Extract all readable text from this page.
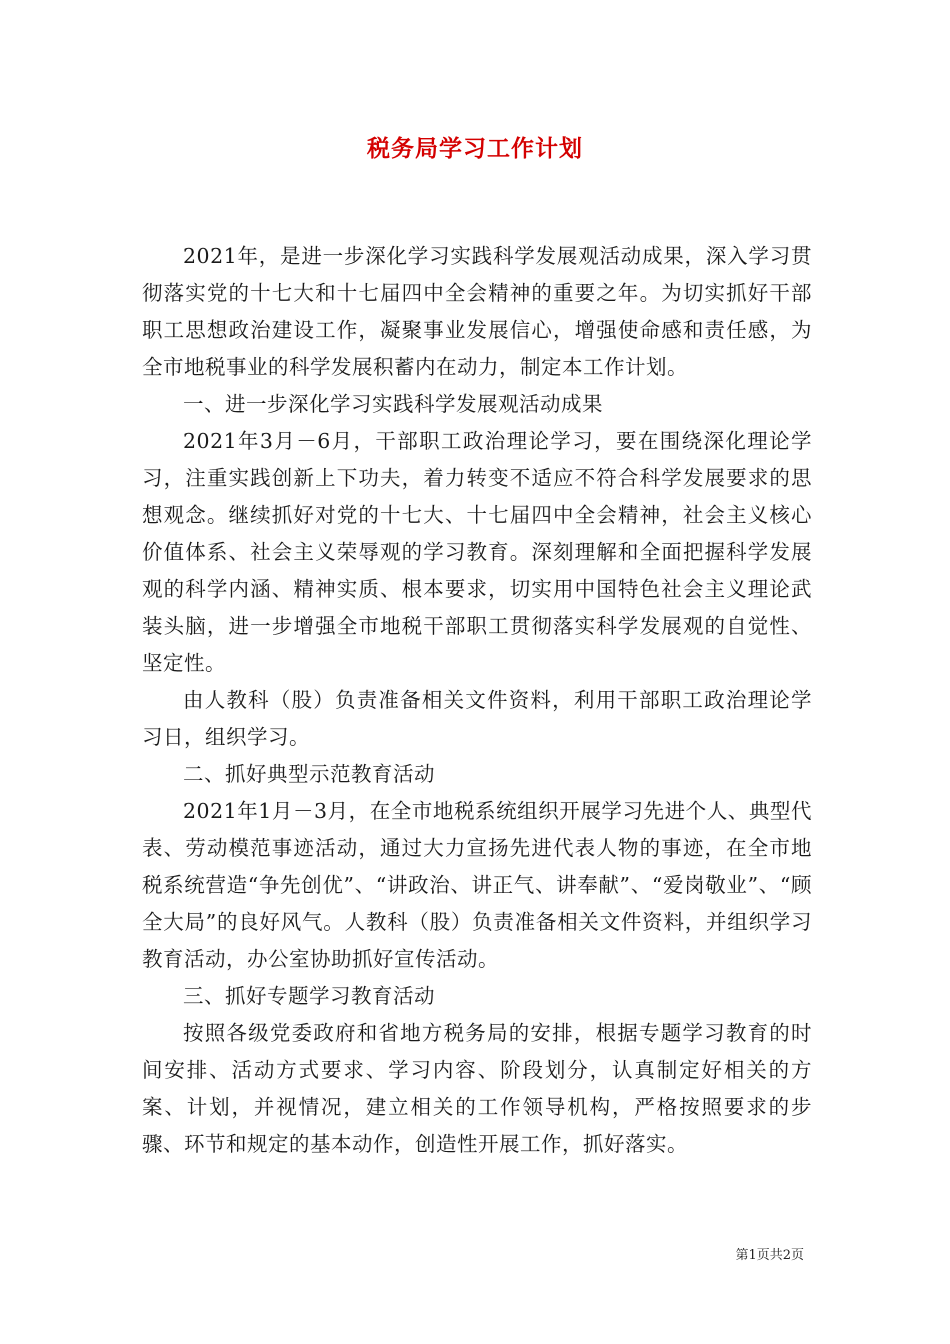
税务局学习工作计划

2021年，是进一步深化学习实践科学发展观活动成果，深入学习贯彻落实党的十七大和十七届四中全会精神的重要之年。为切实抓好干部职工思想政治建设工作，凝聚事业发展信心，增强使命感和责任感，为全市地税事业的科学发展积蓄内在动力，制定本工作计划。

一、进一步深化学习实践科学发展观活动成果

2021年3月－6月，干部职工政治理论学习，要在围绕深化理论学习，注重实践创新上下功夫，着力转变不适应不符合科学发展要求的思想观念。继续抓好对党的十七大、十七届四中全会精神，社会主义核心价值体系、社会主义荣辱观的学习教育。深刻理解和全面把握科学发展观的科学内涵、精神实质、根本要求，切实用中国特色社会主义理论武装头脑，进一步增强全市地税干部职工贯彻落实科学发展观的自觉性、坚定性。

由人教科（股）负责准备相关文件资料，利用干部职工政治理论学习日，组织学习。

二、抓好典型示范教育活动

2021年1月－3月，在全市地税系统组织开展学习先进个人、典型代表、劳动模范事迹活动，通过大力宣扬先进代表人物的事迹，在全市地税系统营造“争先创优”、“讲政治、讲正气、讲奉献”、“爱岗敬业”、“顾全大局”的良好风气。人教科（股）负责准备相关文件资料，并组织学习教育活动，办公室协助抓好宣传活动。

三、抓好专题学习教育活动

按照各级党委政府和省地方税务局的安排，根据专题学习教育的时间安排、活动方式要求、学习内容、阶段划分，认真制定好相关的方案、计划，并视情况，建立相关的工作领导机构，严格按照要求的步骤、环节和规定的基本动作，创造性开展工作，抓好落实。

第1页共2页
